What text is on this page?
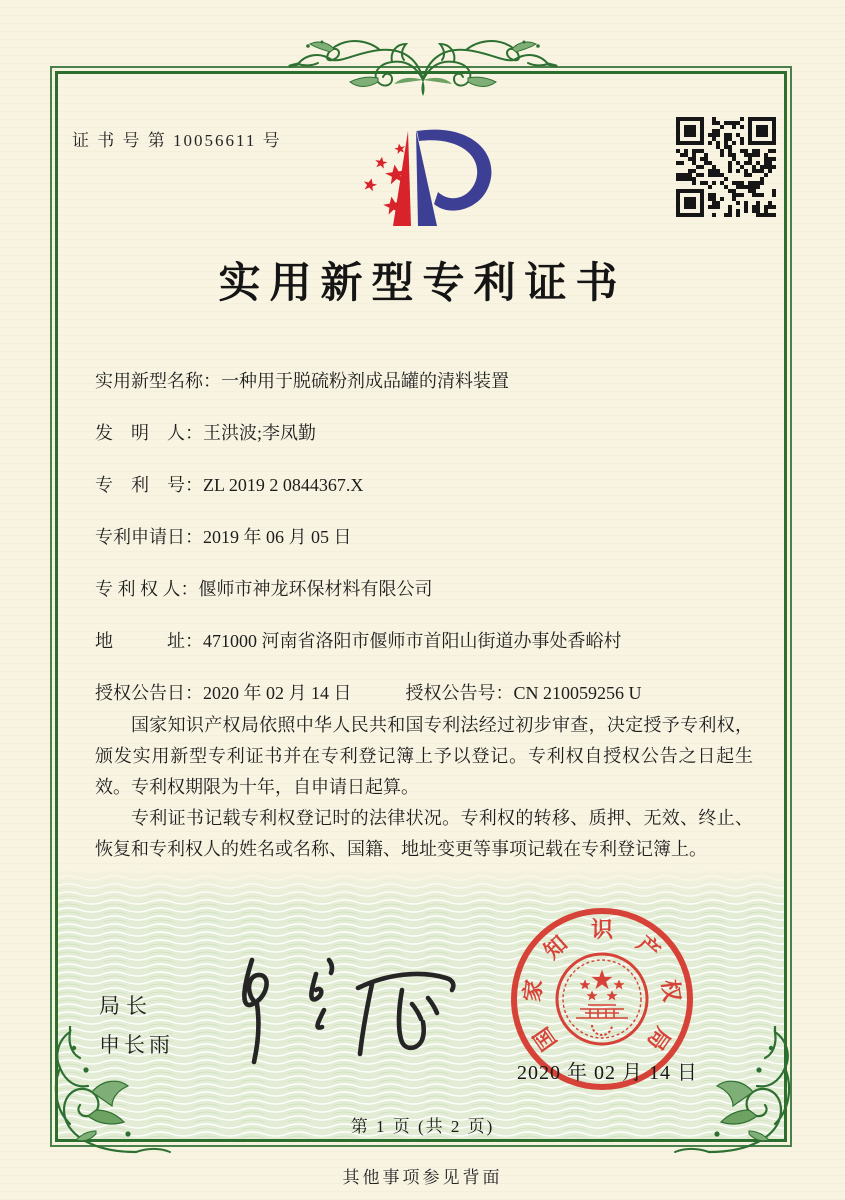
证 书 号 第 10056611 号
实用新型专利证书
实用新型名称：一种用于脱硫粉剂成品罐的清料装置
发　明　人：王洪波;李凤勤
专　利　号：ZL 2019 2 0844367.X
专利申请日：2019 年 06 月 05 日
专 利 权 人：偃师市神龙环保材料有限公司
地　　　址：471000 河南省洛阳市偃师市首阳山街道办事处香峪村
授权公告日：2020 年 02 月 14 日	授权公告号：CN 210059256 U

国家知识产权局依照中华人民共和国专利法经过初步审查，决定授予专利权，颁发实用新型专利证书并在专利登记簿上予以登记。专利权自授权公告之日起生效。专利权期限为十年，自申请日起算。

专利证书记载专利权登记时的法律状况。专利权的转移、质押、无效、终止、恢复和专利权人的姓名或名称、国籍、地址变更等事项记载在专利登记簿上。

局长
申长雨	国
家
知
识
产
权
局
2020 年 02 月 14 日
第 1 页 (共 2 页)
其他事项参见背面
